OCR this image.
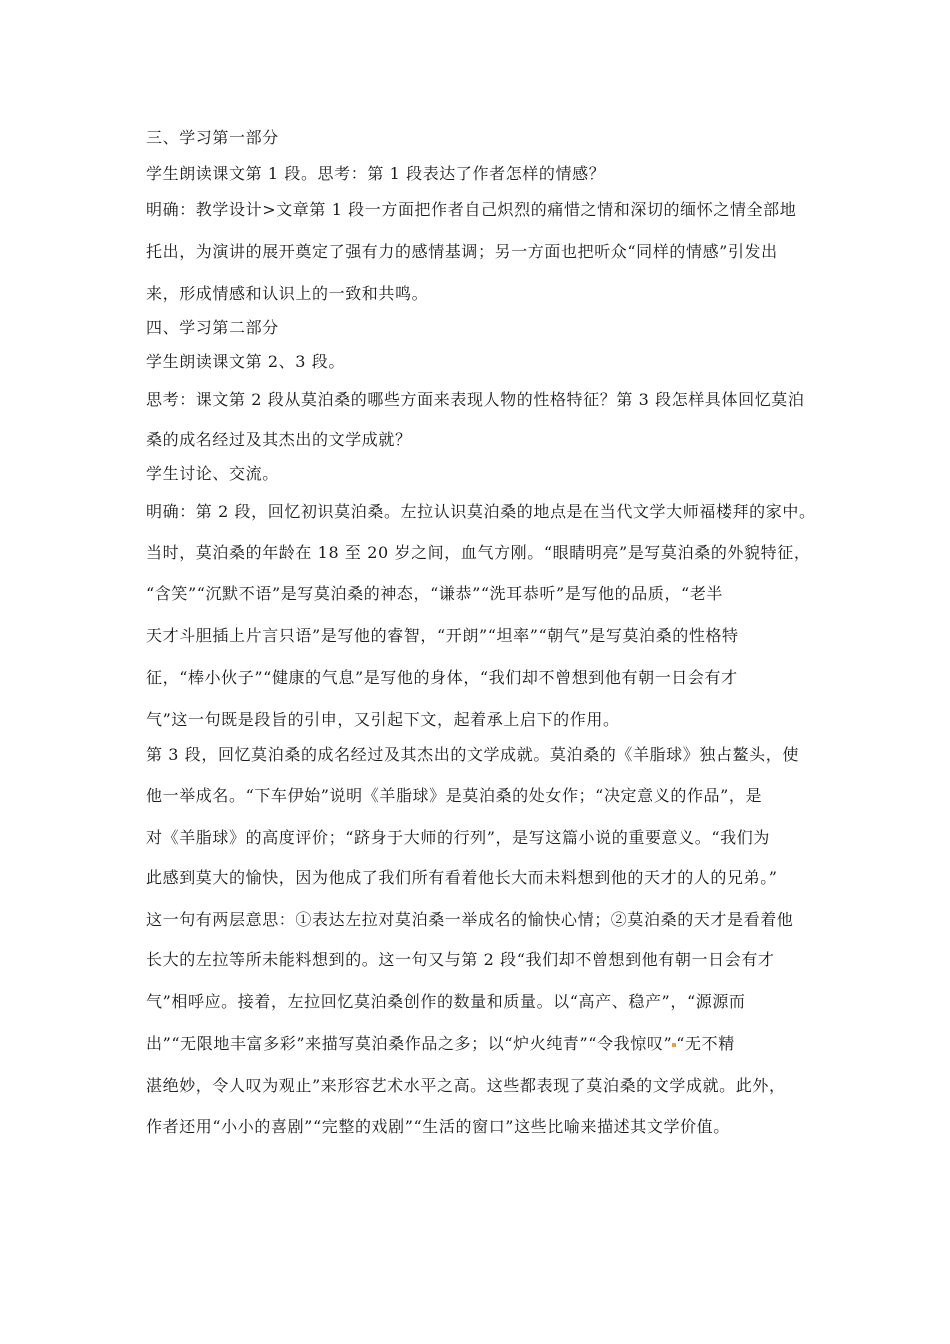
三、学习第一部分
学生朗读课文第 1 段。思考：第 1 段表达了作者怎样的情感？
明确：教学设计>文章第 1 段一方面把作者自己炽烈的痛惜之情和深切的缅怀之情全部地
托出，为演讲的展开奠定了强有力的感情基调；另一方面也把听众“同样的情感”引发出
来，形成情感和认识上的一致和共鸣。
四、学习第二部分
学生朗读课文第 2、3 段。
思考：课文第 2 段从莫泊桑的哪些方面来表现人物的性格特征？第 3 段怎样具体回忆莫泊
桑的成名经过及其杰出的文学成就？
学生讨论、交流。
明确：第 2 段，回忆初识莫泊桑。左拉认识莫泊桑的地点是在当代文学大师福楼拜的家中。
当时，莫泊桑的年龄在 18 至 20 岁之间，血气方刚。“眼睛明亮”是写莫泊桑的外貌特征，
“含笑”“沉默不语”是写莫泊桑的神态，“谦恭”“洗耳恭听”是写他的品质，“老半
天才斗胆插上片言只语”是写他的睿智，“开朗”“坦率”“朝气”是写莫泊桑的性格特
征，“棒小伙子”“健康的气息”是写他的身体，“我们却不曾想到他有朝一日会有才
气”这一句既是段旨的引申，又引起下文，起着承上启下的作用。
第 3 段，回忆莫泊桑的成名经过及其杰出的文学成就。莫泊桑的《羊脂球》独占鳌头，使
他一举成名。“下车伊始”说明《羊脂球》是莫泊桑的处女作；“决定意义的作品”，是
对《羊脂球》的高度评价；“跻身于大师的行列”，是写这篇小说的重要意义。“我们为
此感到莫大的愉快，因为他成了我们所有看着他长大而未料想到他的天才的人的兄弟。”
这一句有两层意思：①表达左拉对莫泊桑一举成名的愉快心情；②莫泊桑的天才是看着他
长大的左拉等所未能料想到的。这一句又与第 2 段“我们却不曾想到他有朝一日会有才
气”相呼应。接着，左拉回忆莫泊桑创作的数量和质量。以“高产、稳产”，“源源而
出”“无限地丰富多彩”来描写莫泊桑作品之多；以“炉火纯青”“令我惊叹” “无不精
湛绝妙，令人叹为观止”来形容艺术水平之高。这些都表现了莫泊桑的文学成就。此外，
作者还用“小小的喜剧”“完整的戏剧”“生活的窗口”这些比喻来描述其文学价值。
